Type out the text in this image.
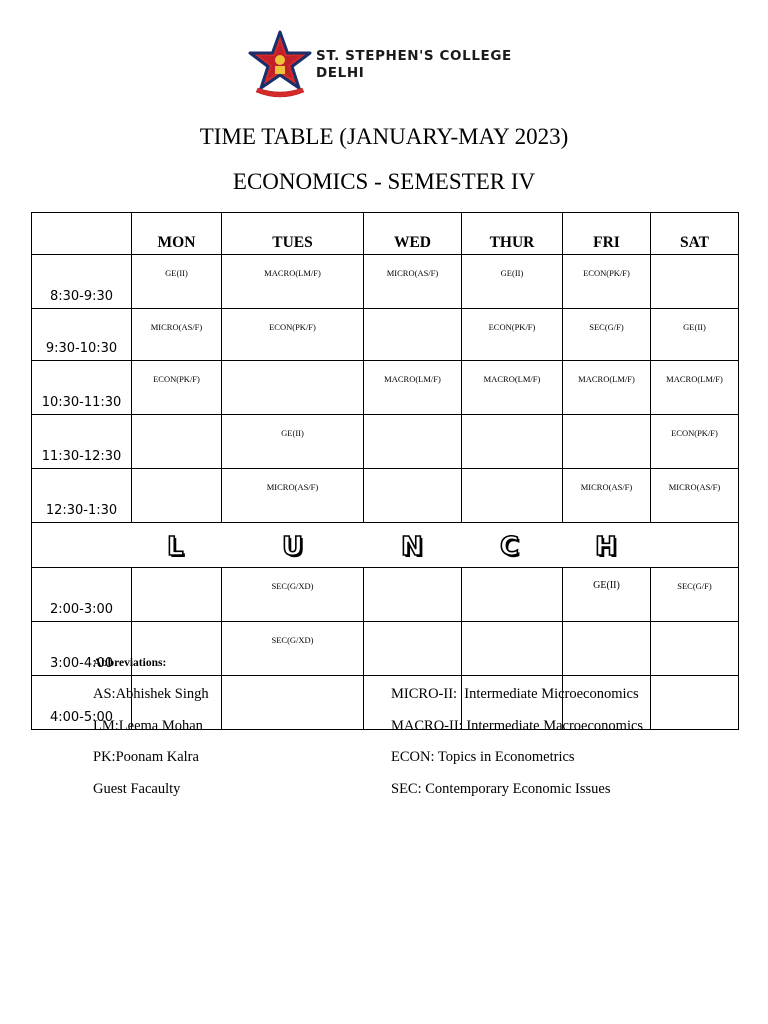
ST. STEPHEN'S COLLEGE
DELHI
TIME TABLE (JANUARY-MAY 2023)
ECONOMICS - SEMESTER IV
	MON	TUES	WED	THUR	FRI	SAT
8:30-9:30	GE(II)	MACRO(LM/F)	MICRO(AS/F)	GE(II)	ECON(PK/F)	
9:30-10:30	MICRO(AS/F)	ECON(PK/F)		ECON(PK/F)	SEC(G/F)	GE(II)
10:30-11:30	ECON(PK/F)		MACRO(LM/F)	MACRO(LM/F)	MACRO(LM/F)	MACRO(LM/F)
11:30-12:30		GE(II)				ECON(PK/F)
12:30-1:30		MICRO(AS/F)			MICRO(AS/F)	MICRO(AS/F)

L U N C H						

2:00-3:00		SEC(G/XD)			GE(II)	SEC(G/F)
3:00-4:00		SEC(G/XD)				
4:00-5:00						
Abbreviations:
AS:Abhishek Singh
LM:Leema Mohan
PK:Poonam Kalra
Guest Facaulty
MICRO-II:  Intermediate Microeconomics
MACRO-II: Intermediate Macroeconomics
ECON: Topics in Econometrics
SEC: Contemporary Economic Issues
